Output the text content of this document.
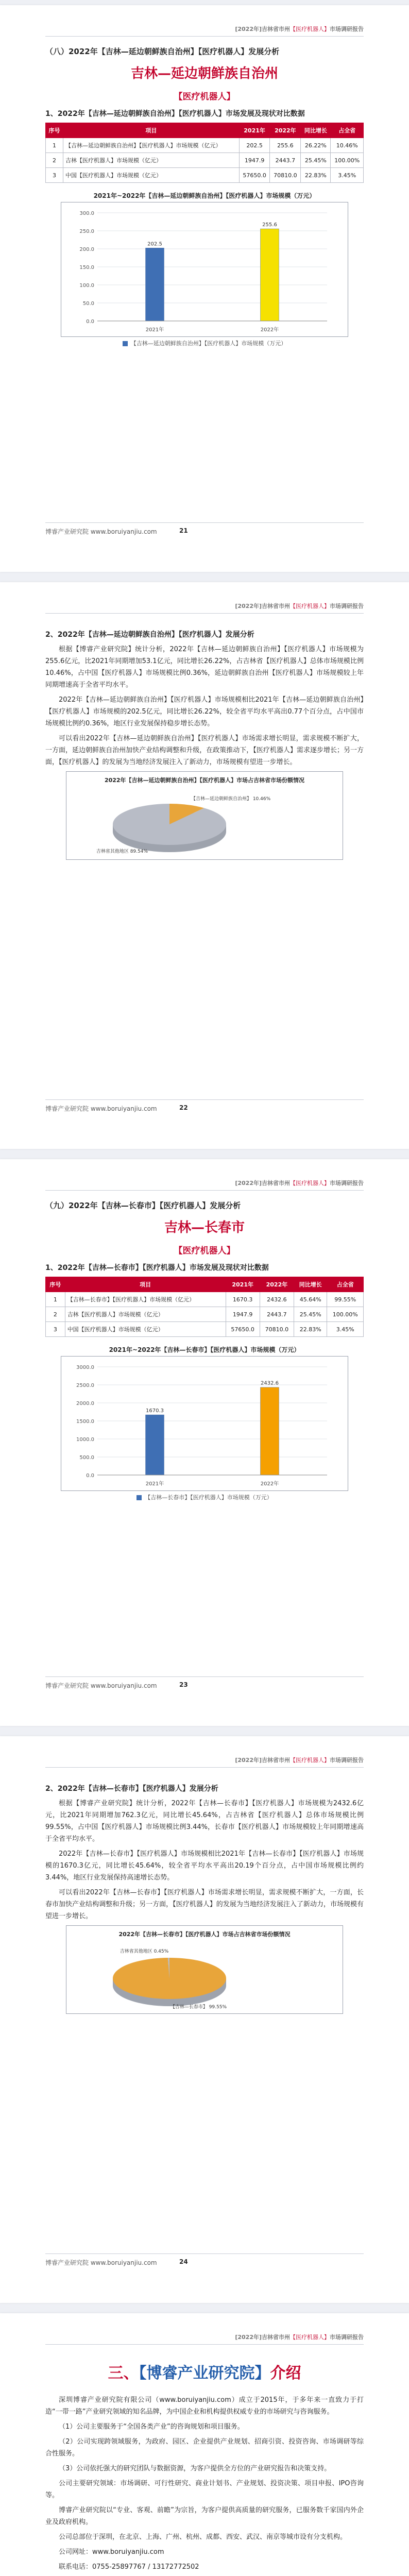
[2022年]吉林省市州【医疗机器人】市场调研报告
（八）2022年【吉林—延边朝鲜族自治州】【医疗机器人】发展分析
吉林—延边朝鲜族自治州
【医疗机器人】
1、2022年【吉林—延边朝鲜族自治州】【医疗机器人】市场发展及现状对比数据
序号	项目	2021年	2022年	同比增长	占全省
1	【吉林—延边朝鲜族自治州】【医疗机器人】市场规模（亿元）	202.5	255.6	26.22%	10.46%
2	吉林【医疗机器人】市场规模（亿元）	1947.9	2443.7	25.45%	100.00%
3	中国【医疗机器人】市场规模（亿元）	57650.0	70810.0	22.83%	3.45%
2021年~2022年【吉林—延边朝鲜族自治州】【医疗机器人】市场规模（万元）
0.0
50.0
100.0
150.0
200.0
250.0
300.0
202.5
2021年
255.6
2022年
【吉林—延边朝鲜族自治州】【医疗机器人】市场规模（万元）
博睿产业研究院 www.boruiyanjiu.com	21
[2022年]吉林省市州【医疗机器人】市场调研报告
2、2022年【吉林—延边朝鲜族自治州】【医疗机器人】发展分析

根据【博睿产业研究院】统计分析，2022年【吉林—延边朝鲜族自治州】【医疗机器人】市场规模为255.6亿元，比2021年同期增加53.1亿元，同比增长26.22%，占吉林省【医疗机器人】总体市场规模比例10.46%，占中国【医疗机器人】市场规模比例0.36%，延边朝鲜族自治州【医疗机器人】市场规模较上年同期增速高于全省平均水平。

2022年【吉林—延边朝鲜族自治州】【医疗机器人】市场规模相比2021年【吉林—延边朝鲜族自治州】【医疗机器人】市场规模的202.5亿元，同比增长26.22%，较全省平均水平高出0.77个百分点，占中国市场规模比例约0.36%，地区行业发展保持稳步增长态势。

可以看出2022年【吉林—延边朝鲜族自治州】【医疗机器人】市场需求增长明显，需求规模不断扩大，一方面，延边朝鲜族自治州加快产业结构调整和升级，在政策推动下，【医疗机器人】需求逐步增长；另一方面，【医疗机器人】的发展为当地经济发展注入了新动力，市场规模有望进一步增长。

2022年【吉林—延边朝鲜族自治州】【医疗机器人】市场占吉林省市场份额情况
【吉林—延边朝鲜族自治州】 10.46%
吉林省其他地区 89.54%
博睿产业研究院 www.boruiyanjiu.com	22
[2022年]吉林省市州【医疗机器人】市场调研报告
（九）2022年【吉林—长春市】【医疗机器人】发展分析
吉林—长春市
【医疗机器人】
1、2022年【吉林—长春市】【医疗机器人】市场发展及现状对比数据
序号	项目	2021年	2022年	同比增长	占全省
1	【吉林—长春市】【医疗机器人】市场规模（亿元）	1670.3	2432.6	45.64%	99.55%
2	吉林【医疗机器人】市场规模（亿元）	1947.9	2443.7	25.45%	100.00%
3	中国【医疗机器人】市场规模（亿元）	57650.0	70810.0	22.83%	3.45%
2021年~2022年【吉林—长春市】【医疗机器人】市场规模（万元）
0.0
500.0
1000.0
1500.0
2000.0
2500.0
3000.0
1670.3
2021年
2432.6
2022年
【吉林—长春市】【医疗机器人】市场规模（万元）
博睿产业研究院 www.boruiyanjiu.com	23
[2022年]吉林省市州【医疗机器人】市场调研报告
2、2022年【吉林—长春市】【医疗机器人】发展分析

根据【博睿产业研究院】统计分析，2022年【吉林—长春市】【医疗机器人】市场规模为2432.6亿元，比2021年同期增加762.3亿元，同比增长45.64%，占吉林省【医疗机器人】总体市场规模比例99.55%，占中国【医疗机器人】市场规模比例3.44%，长春市【医疗机器人】市场规模较上年同期增速高于全省平均水平。

2022年【吉林—长春市】【医疗机器人】市场规模相比2021年【吉林—长春市】【医疗机器人】市场规模的1670.3亿元，同比增长45.64%，较全省平均水平高出20.19个百分点，占中国市场规模比例约3.44%，地区行业发展保持高速增长态势。

可以看出2022年【吉林—长春市】【医疗机器人】市场需求增长明显，需求规模不断扩大，一方面，长春市加快产业结构调整和升级；另一方面，【医疗机器人】的发展为当地经济发展注入了新动力，市场规模有望进一步增长。

2022年【吉林—长春市】【医疗机器人】市场占吉林省市场份额情况
【吉林—长春市】 99.55%
吉林省其他地区 0.45%
博睿产业研究院 www.boruiyanjiu.com	24
[2022年]吉林省市州【医疗机器人】市场调研报告
三、【博睿产业研究院】介绍

深圳博睿产业研究院有限公司（www.boruiyanjiu.com）成立于2015年，于多年来一直致力于打造“一带一路”产业研究领域的知名品牌，为中国企业和机构提供权威专业的市场研究与咨询服务。

（1）公司主要服务于“全国各类产业”的咨询规划和项目服务。

（2）公司实现跨领域服务，为政府、园区、企业提供产业规划、招商引资、投资咨询、市场调研等综合性服务。

（3）公司依托强大的研究团队与数据资源，为客户提供全方位的产业研究报告和决策支持。

公司主要研究领域：市场调研、可行性研究、商业计划书、产业规划、投资决策、项目申报、IPO咨询等。

博睿产业研究院以“专业、客观、前瞻”为宗旨，为客户提供高质量的研究服务，已服务数千家国内外企业及政府机构。

公司总部位于深圳，在北京、上海、广州、杭州、成都、西安、武汉、南京等城市设有分支机构。

公司网址：www.boruiyanjiu.com

联系电话：0755-25897767 / 13172772502
